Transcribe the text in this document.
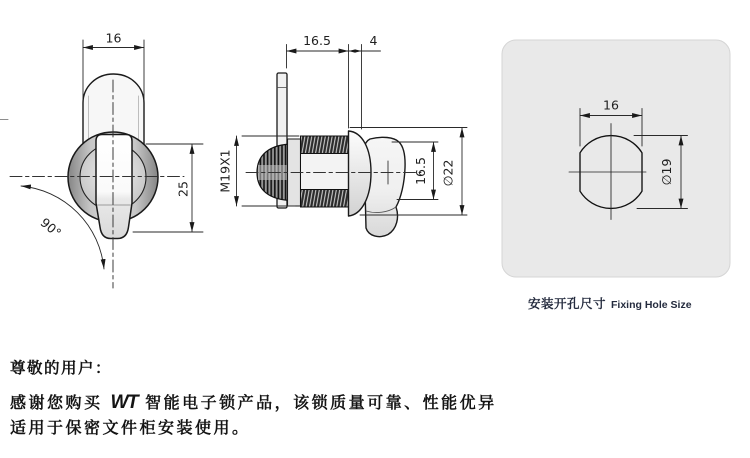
16
25
90°
M19X1
16.5	4
16.5 ∅22
16
∅19
安装开孔尺寸 Fixing Hole Size

尊敬的用户：

感谢您购买 WT 智能电子锁产品，该锁质量可靠、性能优异

适用于保密文件柜安装使用。
